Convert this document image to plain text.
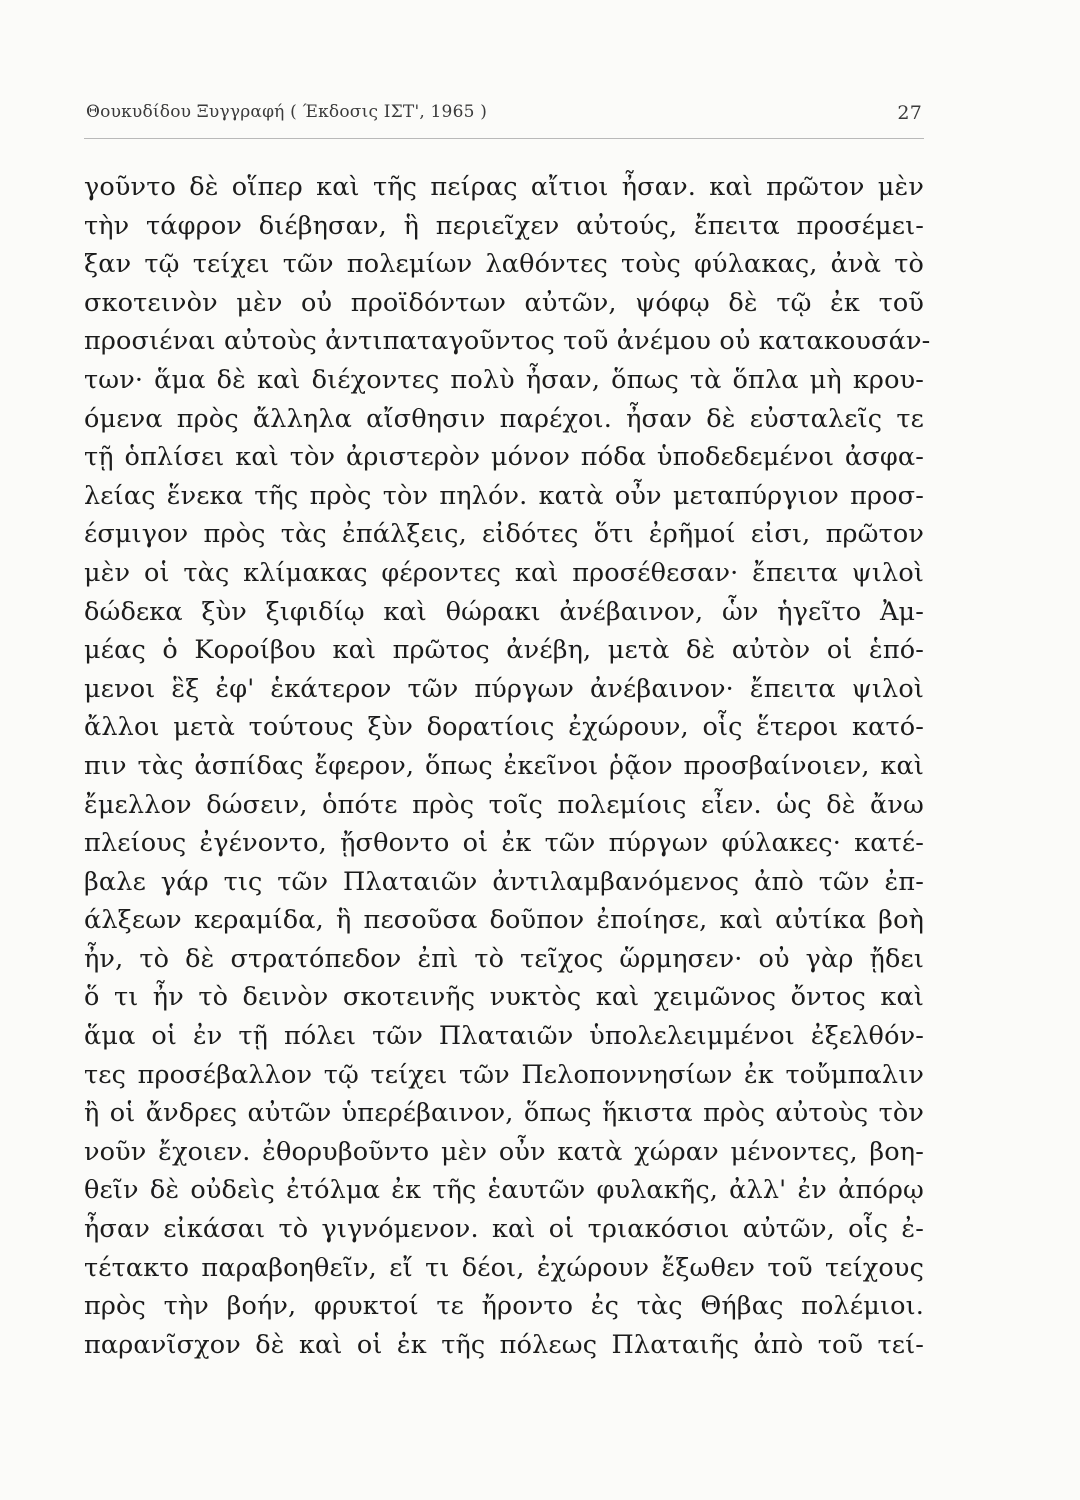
Θουκυδίδου Ξυγγραφή ( Έκδοσις ΙΣΤ', 1965 )	27
γοῦντο δὲ οἵπερ καὶ τῆς πείρας αἴτιοι ἦσαν. καὶ πρῶτον μὲν
τὴν τάφρον διέβησαν, ἣ περιεῖχεν αὐτούς, ἔπειτα προσέμει-
ξαν τῷ τείχει τῶν πολεμίων λαθόντες τοὺς φύλακας, ἀνὰ τὸ
σκοτεινὸν μὲν οὐ προϊδόντων αὐτῶν, ψόφῳ δὲ τῷ ἐκ τοῦ
προσιέναι αὐτοὺς ἀντιπαταγοῦντος τοῦ ἀνέμου οὐ κατακουσάν-
των· ἅμα δὲ καὶ διέχοντες πολὺ ἦσαν, ὅπως τὰ ὅπλα μὴ κρου-
όμενα πρὸς ἄλληλα αἴσθησιν παρέχοι. ἦσαν δὲ εὐσταλεῖς τε
τῇ ὁπλίσει καὶ τὸν ἀριστερὸν μόνον πόδα ὑποδεδεμένοι ἀσφα-
λείας ἕνεκα τῆς πρὸς τὸν πηλόν. κατὰ οὖν μεταπύργιον προσ-
έσμιγον πρὸς τὰς ἐπάλξεις, εἰδότες ὅτι ἐρῆμοί εἰσι, πρῶτον
μὲν οἱ τὰς κλίμακας φέροντες καὶ προσέθεσαν· ἔπειτα ψιλοὶ
δώδεκα ξὺν ξιφιδίῳ καὶ θώρακι ἀνέβαινον, ὧν ἡγεῖτο Ἀμ-
μέας ὁ Κοροίβου καὶ πρῶτος ἀνέβη, μετὰ δὲ αὐτὸν οἱ ἑπό-
μενοι ἓξ ἐφ' ἑκάτερον τῶν πύργων ἀνέβαινον· ἔπειτα ψιλοὶ
ἄλλοι μετὰ τούτους ξὺν δορατίοις ἐχώρουν, οἷς ἕτεροι κατό-
πιν τὰς ἀσπίδας ἔφερον, ὅπως ἐκεῖνοι ῥᾷον προσβαίνοιεν, καὶ
ἔμελλον δώσειν, ὁπότε πρὸς τοῖς πολεμίοις εἶεν. ὡς δὲ ἄνω
πλείους ἐγένοντο, ᾔσθοντο οἱ ἐκ τῶν πύργων φύλακες· κατέ-
βαλε γάρ τις τῶν Πλαταιῶν ἀντιλαμβανόμενος ἀπὸ τῶν ἐπ-
άλξεων κεραμίδα, ἣ πεσοῦσα δοῦπον ἐποίησε, καὶ αὐτίκα βοὴ
ἦν, τὸ δὲ στρατόπεδον ἐπὶ τὸ τεῖχος ὥρμησεν· οὐ γὰρ ᾔδει
ὅ τι ἦν τὸ δεινὸν σκοτεινῆς νυκτὸς καὶ χειμῶνος ὄντος καὶ
ἅμα οἱ ἐν τῇ πόλει τῶν Πλαταιῶν ὑπολελειμμένοι ἐξελθόν-
τες προσέβαλλον τῷ τείχει τῶν Πελοποννησίων ἐκ τοὔμπαλιν
ἢ οἱ ἄνδρες αὐτῶν ὑπερέβαινον, ὅπως ἥκιστα πρὸς αὐτοὺς τὸν
νοῦν ἔχοιεν. ἐθορυβοῦντο μὲν οὖν κατὰ χώραν μένοντες, βοη-
θεῖν δὲ οὐδεὶς ἐτόλμα ἐκ τῆς ἑαυτῶν φυλακῆς, ἀλλ' ἐν ἀπόρῳ
ἦσαν εἰκάσαι τὸ γιγνόμενον. καὶ οἱ τριακόσιοι αὐτῶν, οἷς ἐ-
τέτακτο παραβοηθεῖν, εἴ τι δέοι, ἐχώρουν ἔξωθεν τοῦ τείχους
πρὸς τὴν βοήν, φρυκτοί τε ἤροντο ἐς τὰς Θήβας πολέμιοι.
παρανῖσχον δὲ καὶ οἱ ἐκ τῆς πόλεως Πλαταιῆς ἀπὸ τοῦ τεί-
